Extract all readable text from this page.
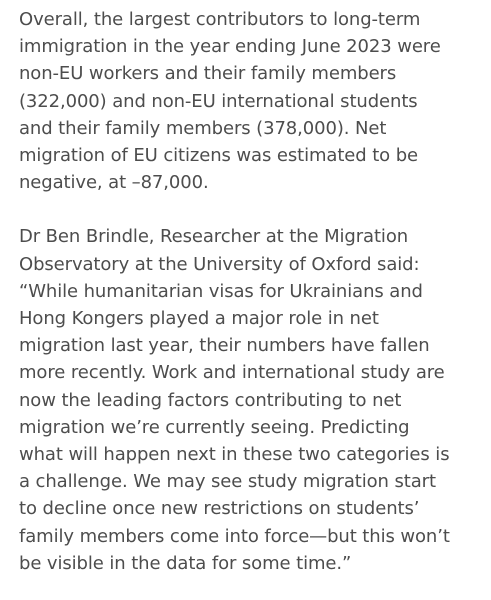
Overall, the largest contributors to long-term
immigration in the year ending June 2023 were
non-EU workers and their family members
(322,000) and non-EU international students
and their family members (378,000). Net
migration of EU citizens was estimated to be
negative, at –87,000.

Dr Ben Brindle, Researcher at the Migration
Observatory at the University of Oxford said:
“While humanitarian visas for Ukrainians and
Hong Kongers played a major role in net
migration last year, their numbers have fallen
more recently. Work and international study are
now the leading factors contributing to net
migration we’re currently seeing. Predicting
what will happen next in these two categories is
a challenge. We may see study migration start
to decline once new restrictions on students’
family members come into force—but this won’t
be visible in the data for some time.”
